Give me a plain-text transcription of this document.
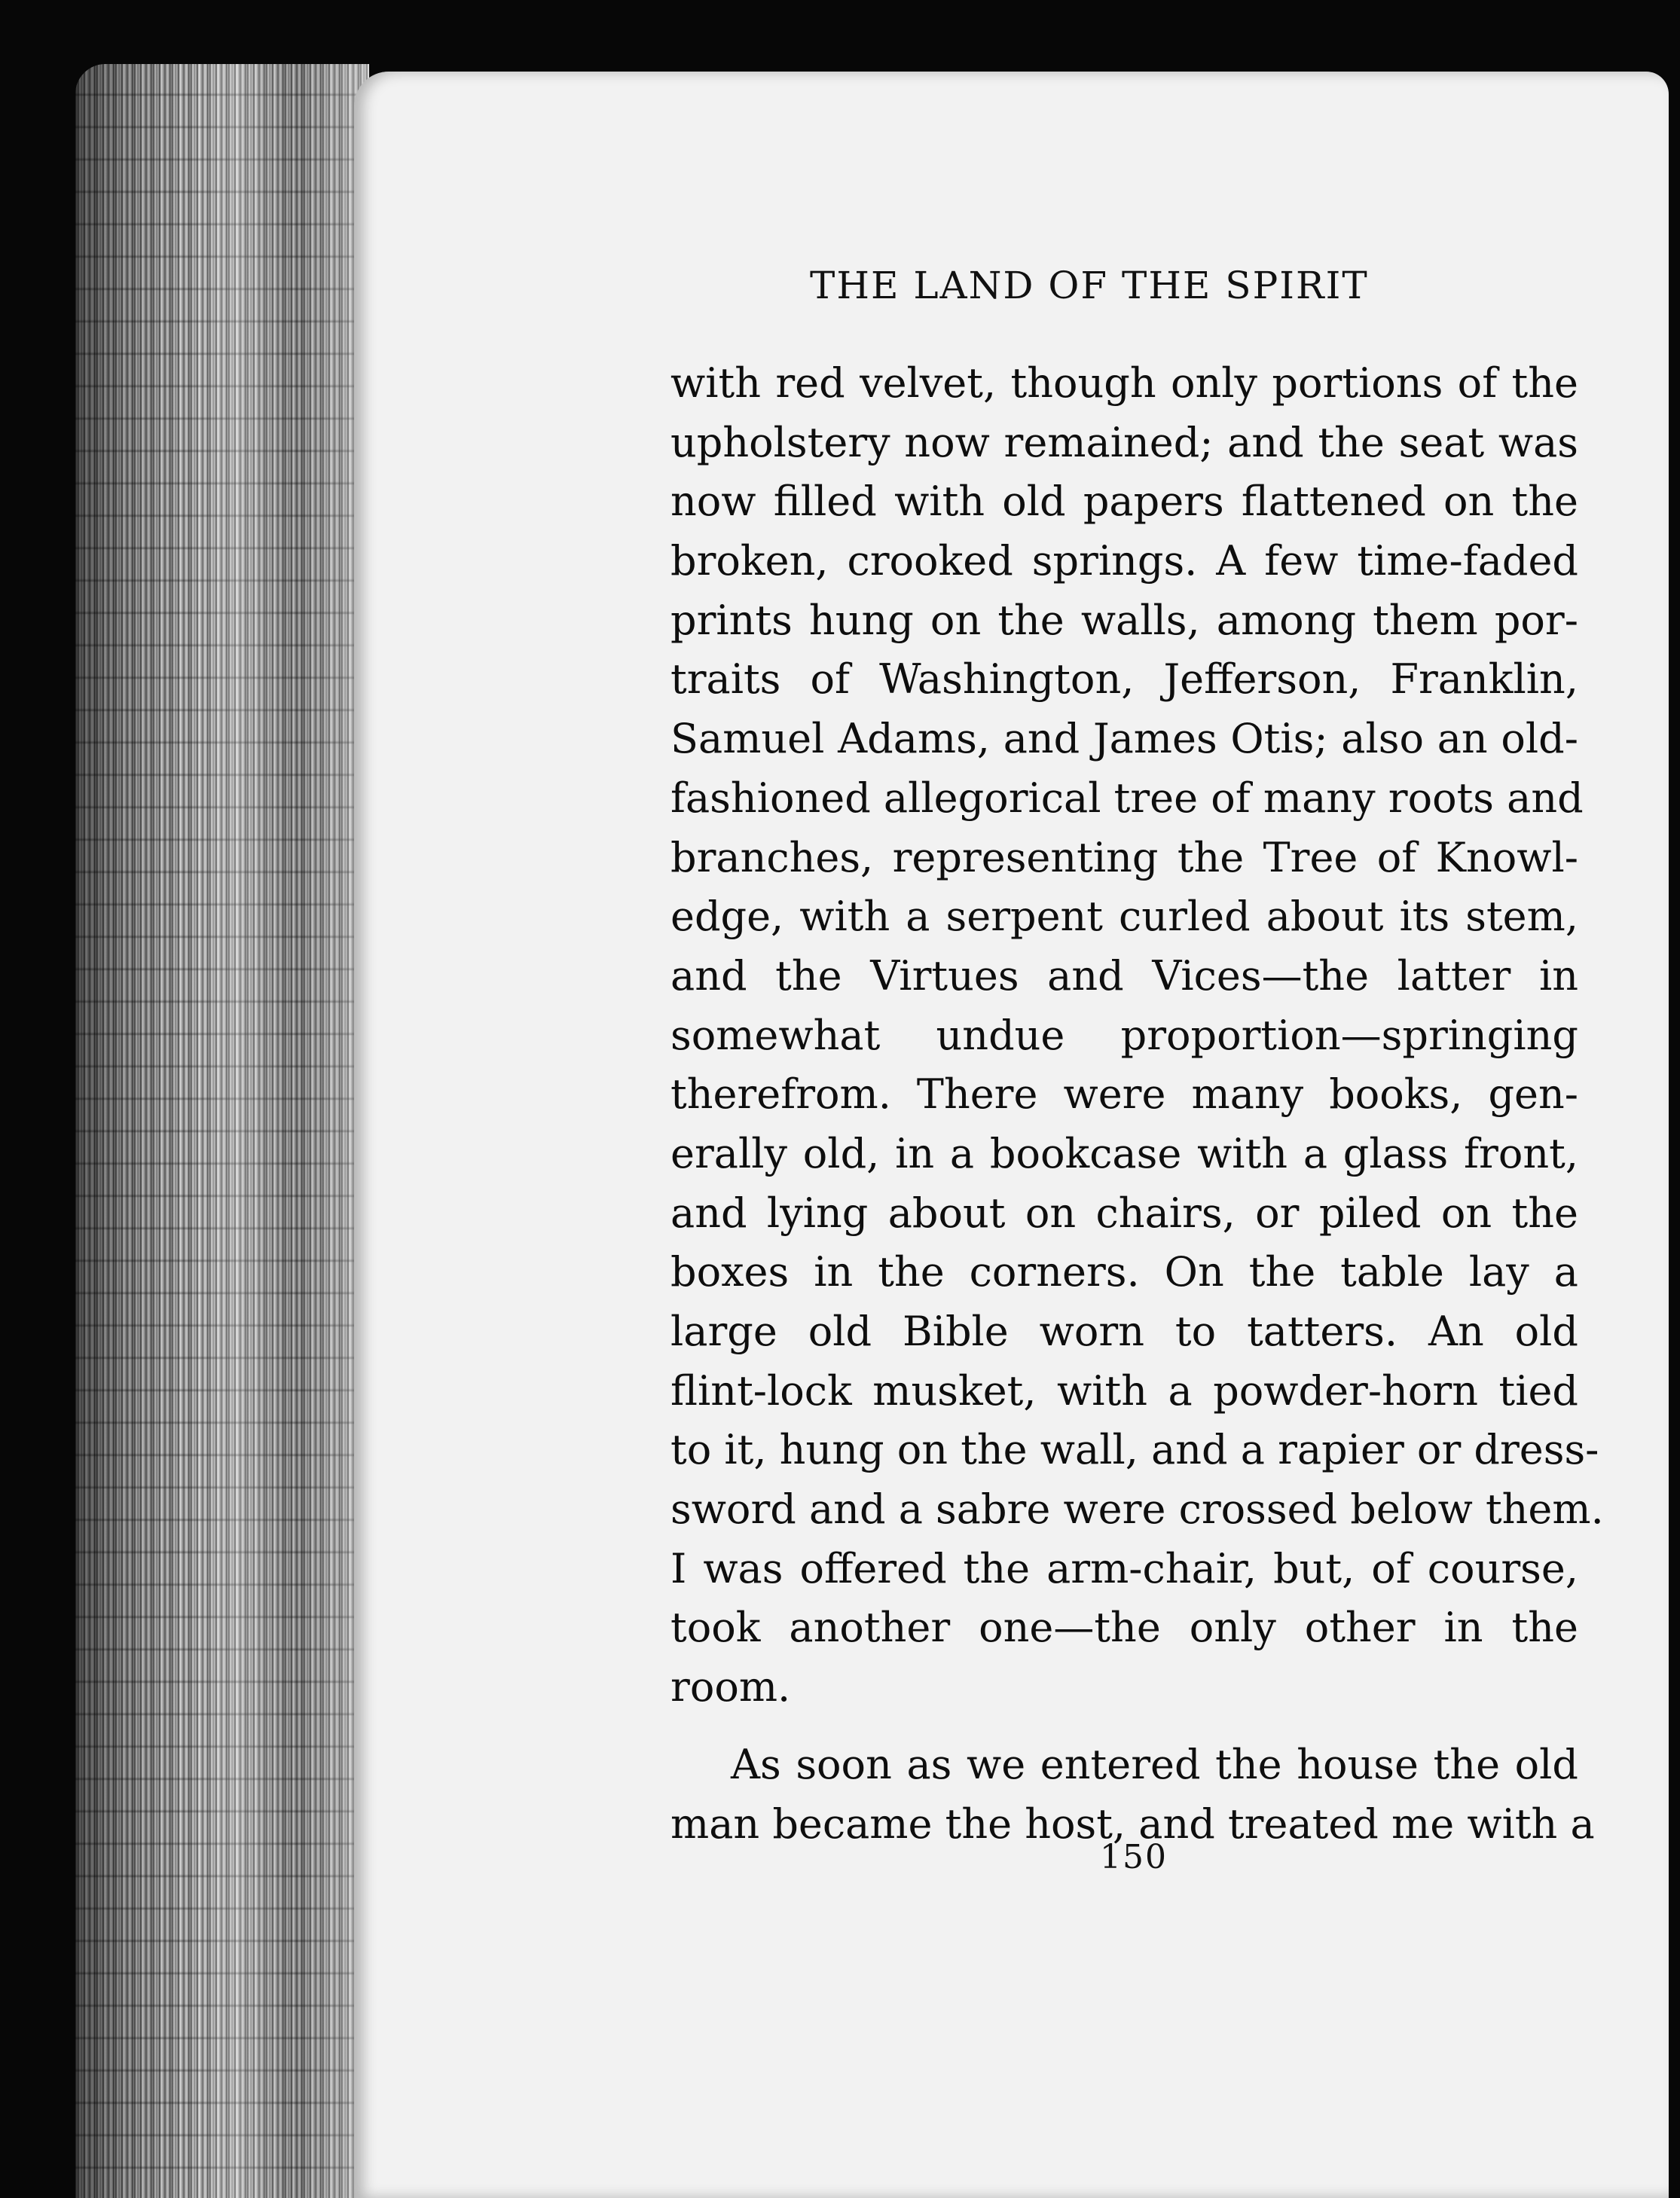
THE LAND OF THE SPIRIT
with red velvet, though only portions of the
upholstery now remained; and the seat was
now filled with old papers flattened on the
broken, crooked springs. A few time-faded
prints hung on the walls, among them por-
traits of Washington, Jefferson, Franklin,
Samuel Adams, and James Otis; also an old-
fashioned allegorical tree of many roots and
branches, representing the Tree of Knowl-
edge, with a serpent curled about its stem,
and the Virtues and Vices—the latter in
somewhat undue proportion—springing
therefrom. There were many books, gen-
erally old, in a bookcase with a glass front,
and lying about on chairs, or piled on the
boxes in the corners. On the table lay a
large old Bible worn to tatters. An old
flint-lock musket, with a powder-horn tied
to it, hung on the wall, and a rapier or dress-
sword and a sabre were crossed below them.
I was offered the arm-chair, but, of course,
took another one—the only other in the
room.
As soon as we entered the house the old
man became the host, and treated me with a
150
